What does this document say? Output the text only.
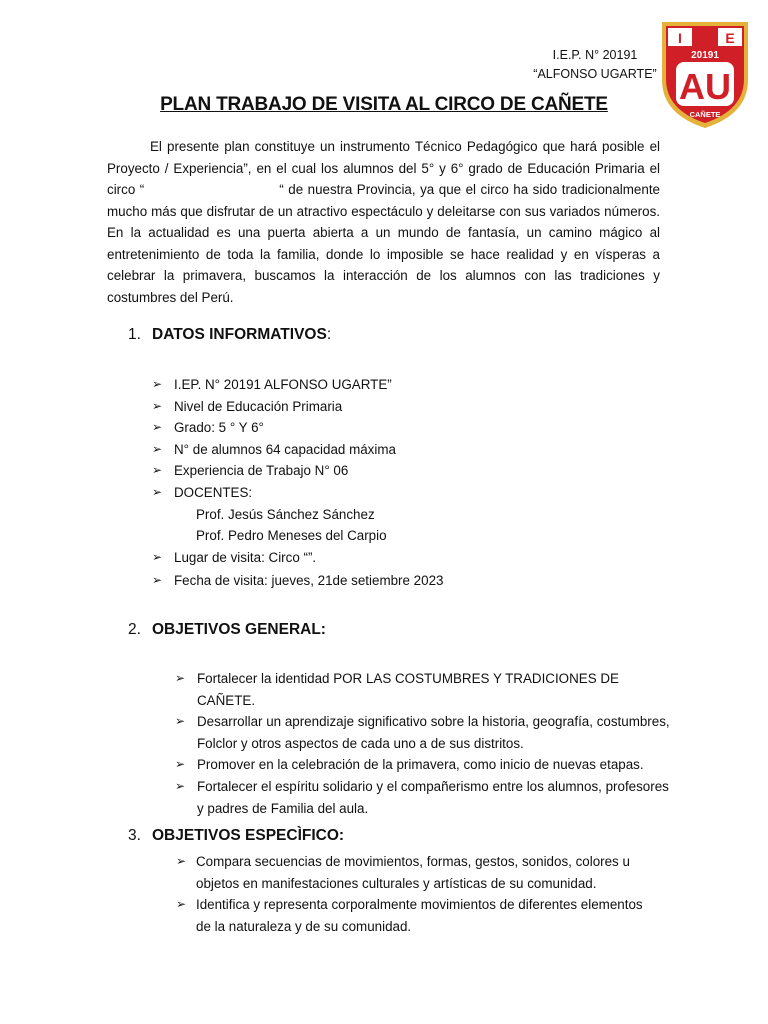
I.E.P. N° 20191
“ALFONSO UGARTE”
I	E
20191
AU
CAÑETE
PLAN TRABAJO DE VISITA AL CIRCO DE CAÑETE

El presente plan constituye un instrumento Técnico Pedagógico que hará posible el Proyecto / Experiencia”, en el cual los alumnos del 5° y 6° grado de Educación Primaria el circo “                              “ de nuestra Provincia, ya que el circo ha sido tradicionalmente mucho más que disfrutar de un atractivo espectáculo y deleitarse con sus variados números. En la actualidad es una puerta abierta a un mundo de fantasía, un camino mágico al entretenimiento de toda la familia, donde lo imposible se hace realidad y en vísperas a celebrar la primavera, buscamos la interacción de los alumnos con las tradiciones y costumbres del Perú.

1. DATOS INFORMATIVOS:
➢ I.EP. N° 20191 ALFONSO UGARTE”
➢ Nivel de Educación Primaria
➢ Grado: 5 ° Y 6°
➢ N° de alumnos 64 capacidad máxima
➢ Experiencia de Trabajo N° 06
➢ DOCENTES:
Prof. Jesús Sánchez Sánchez
Prof. Pedro Meneses del Carpio
➢ Lugar de visita: Circo “”.
➢ Fecha de visita: jueves, 21de setiembre 2023
2. OBJETIVOS GENERAL:
➢ Fortalecer la identidad POR LAS COSTUMBRES Y TRADICIONES DE CAÑETE.
➢ Desarrollar un aprendizaje significativo sobre la historia, geografía, costumbres, Folclor y otros aspectos de cada uno a de sus distritos.
➢ Promover en la celebración de la primavera, como inicio de nuevas etapas.
➢ Fortalecer el espíritu solidario y el compañerismo entre los alumnos, profesores y padres de Familia del aula.
3. OBJETIVOS ESPECÌFICO:
➢ Compara secuencias de movimientos, formas, gestos, sonidos, colores u objetos en manifestaciones culturales y artísticas de su comunidad.
➢ Identifica y representa corporalmente movimientos de diferentes elementos de la naturaleza y de su comunidad.
